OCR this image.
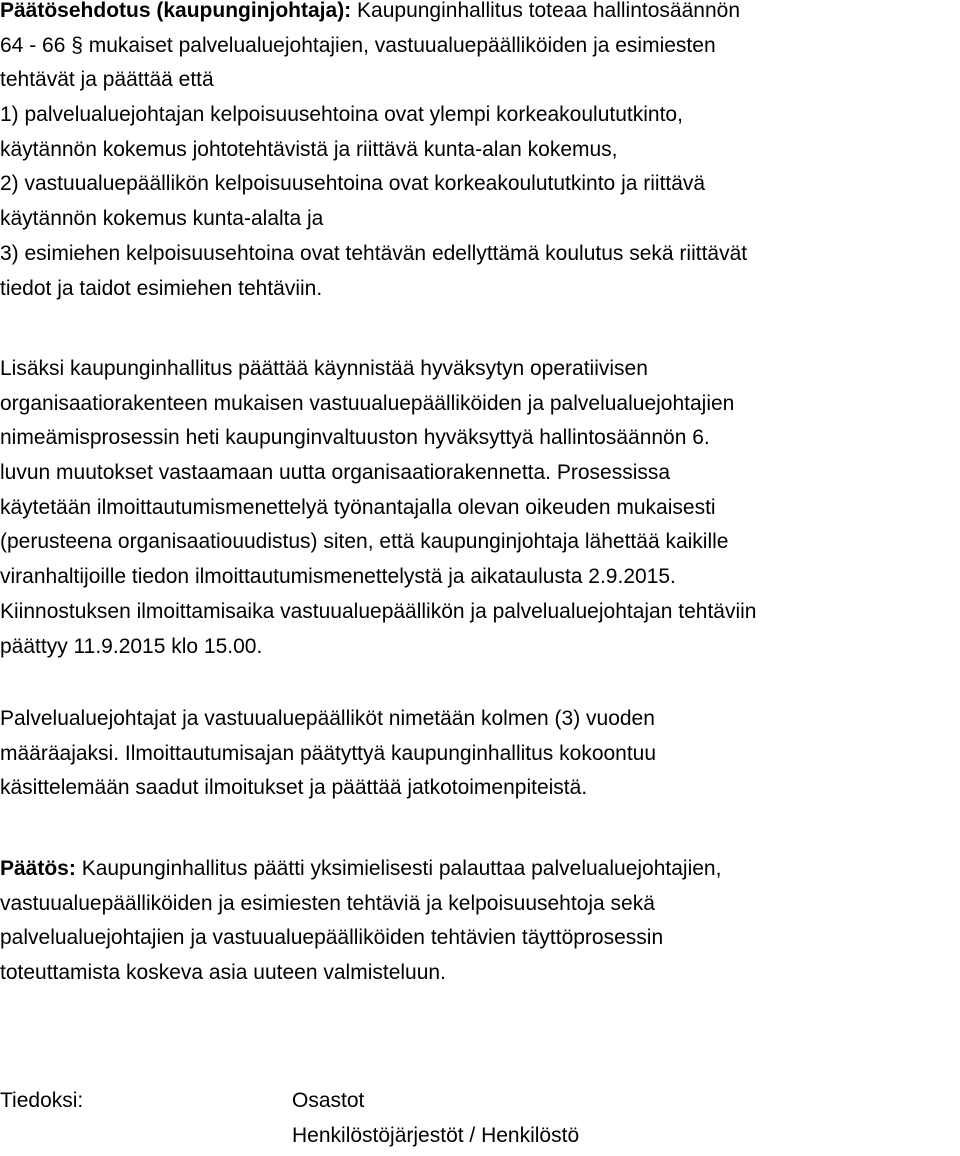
Päätösehdotus (kaupunginjohtaja): Kaupunginhallitus toteaa hallintosäännön
64 - 66 § mukaiset palvelualuejohtajien, vastuualuepäälliköiden ja esimiesten
tehtävät ja päättää että
1) palvelualuejohtajan kelpoisuusehtoina ovat ylempi korkeakoulututkinto,
käytännön kokemus johtotehtävistä ja riittävä kunta-alan kokemus,
2) vastuualuepäällikön kelpoisuusehtoina ovat korkeakoulututkinto ja riittävä
käytännön kokemus kunta-alalta ja
3) esimiehen kelpoisuusehtoina ovat tehtävän edellyttämä koulutus sekä riittävät
tiedot ja taidot esimiehen tehtäviin.
Lisäksi kaupunginhallitus päättää käynnistää hyväksytyn operatiivisen
organisaatiorakenteen mukaisen vastuualuepäälliköiden ja palvelualuejohtajien
nimeämisprosessin heti kaupunginvaltuuston hyväksyttyä hallintosäännön 6.
luvun muutokset vastaamaan uutta organisaatiorakennetta. Prosessissa
käytetään ilmoittautumismenettelyä työnantajalla olevan oikeuden mukaisesti
(perusteena organisaatiouudistus) siten, että kaupunginjohtaja lähettää kaikille
viranhaltijoille tiedon ilmoittautumismenettelystä ja aikataulusta 2.9.2015.
Kiinnostuksen ilmoittamisaika vastuualuepäällikön ja palvelualuejohtajan tehtäviin
päättyy 11.9.2015 klo 15.00.
Palvelualuejohtajat ja vastuualuepäälliköt nimetään kolmen (3) vuoden
määräajaksi. Ilmoittautumisajan päätyttyä kaupunginhallitus kokoontuu
käsittelemään saadut ilmoitukset ja päättää jatkotoimenpiteistä.
Päätös: Kaupunginhallitus päätti yksimielisesti palauttaa palvelualuejohtajien,
vastuualuepäälliköiden ja esimiesten tehtäviä ja kelpoisuusehtoja sekä
palvelualuejohtajien ja vastuualuepäälliköiden tehtävien täyttöprosessin
toteuttamista koskeva asia uuteen valmisteluun.
Tiedoksi:	Osastot
Henkilöstöjärjestöt / Henkilöstö
